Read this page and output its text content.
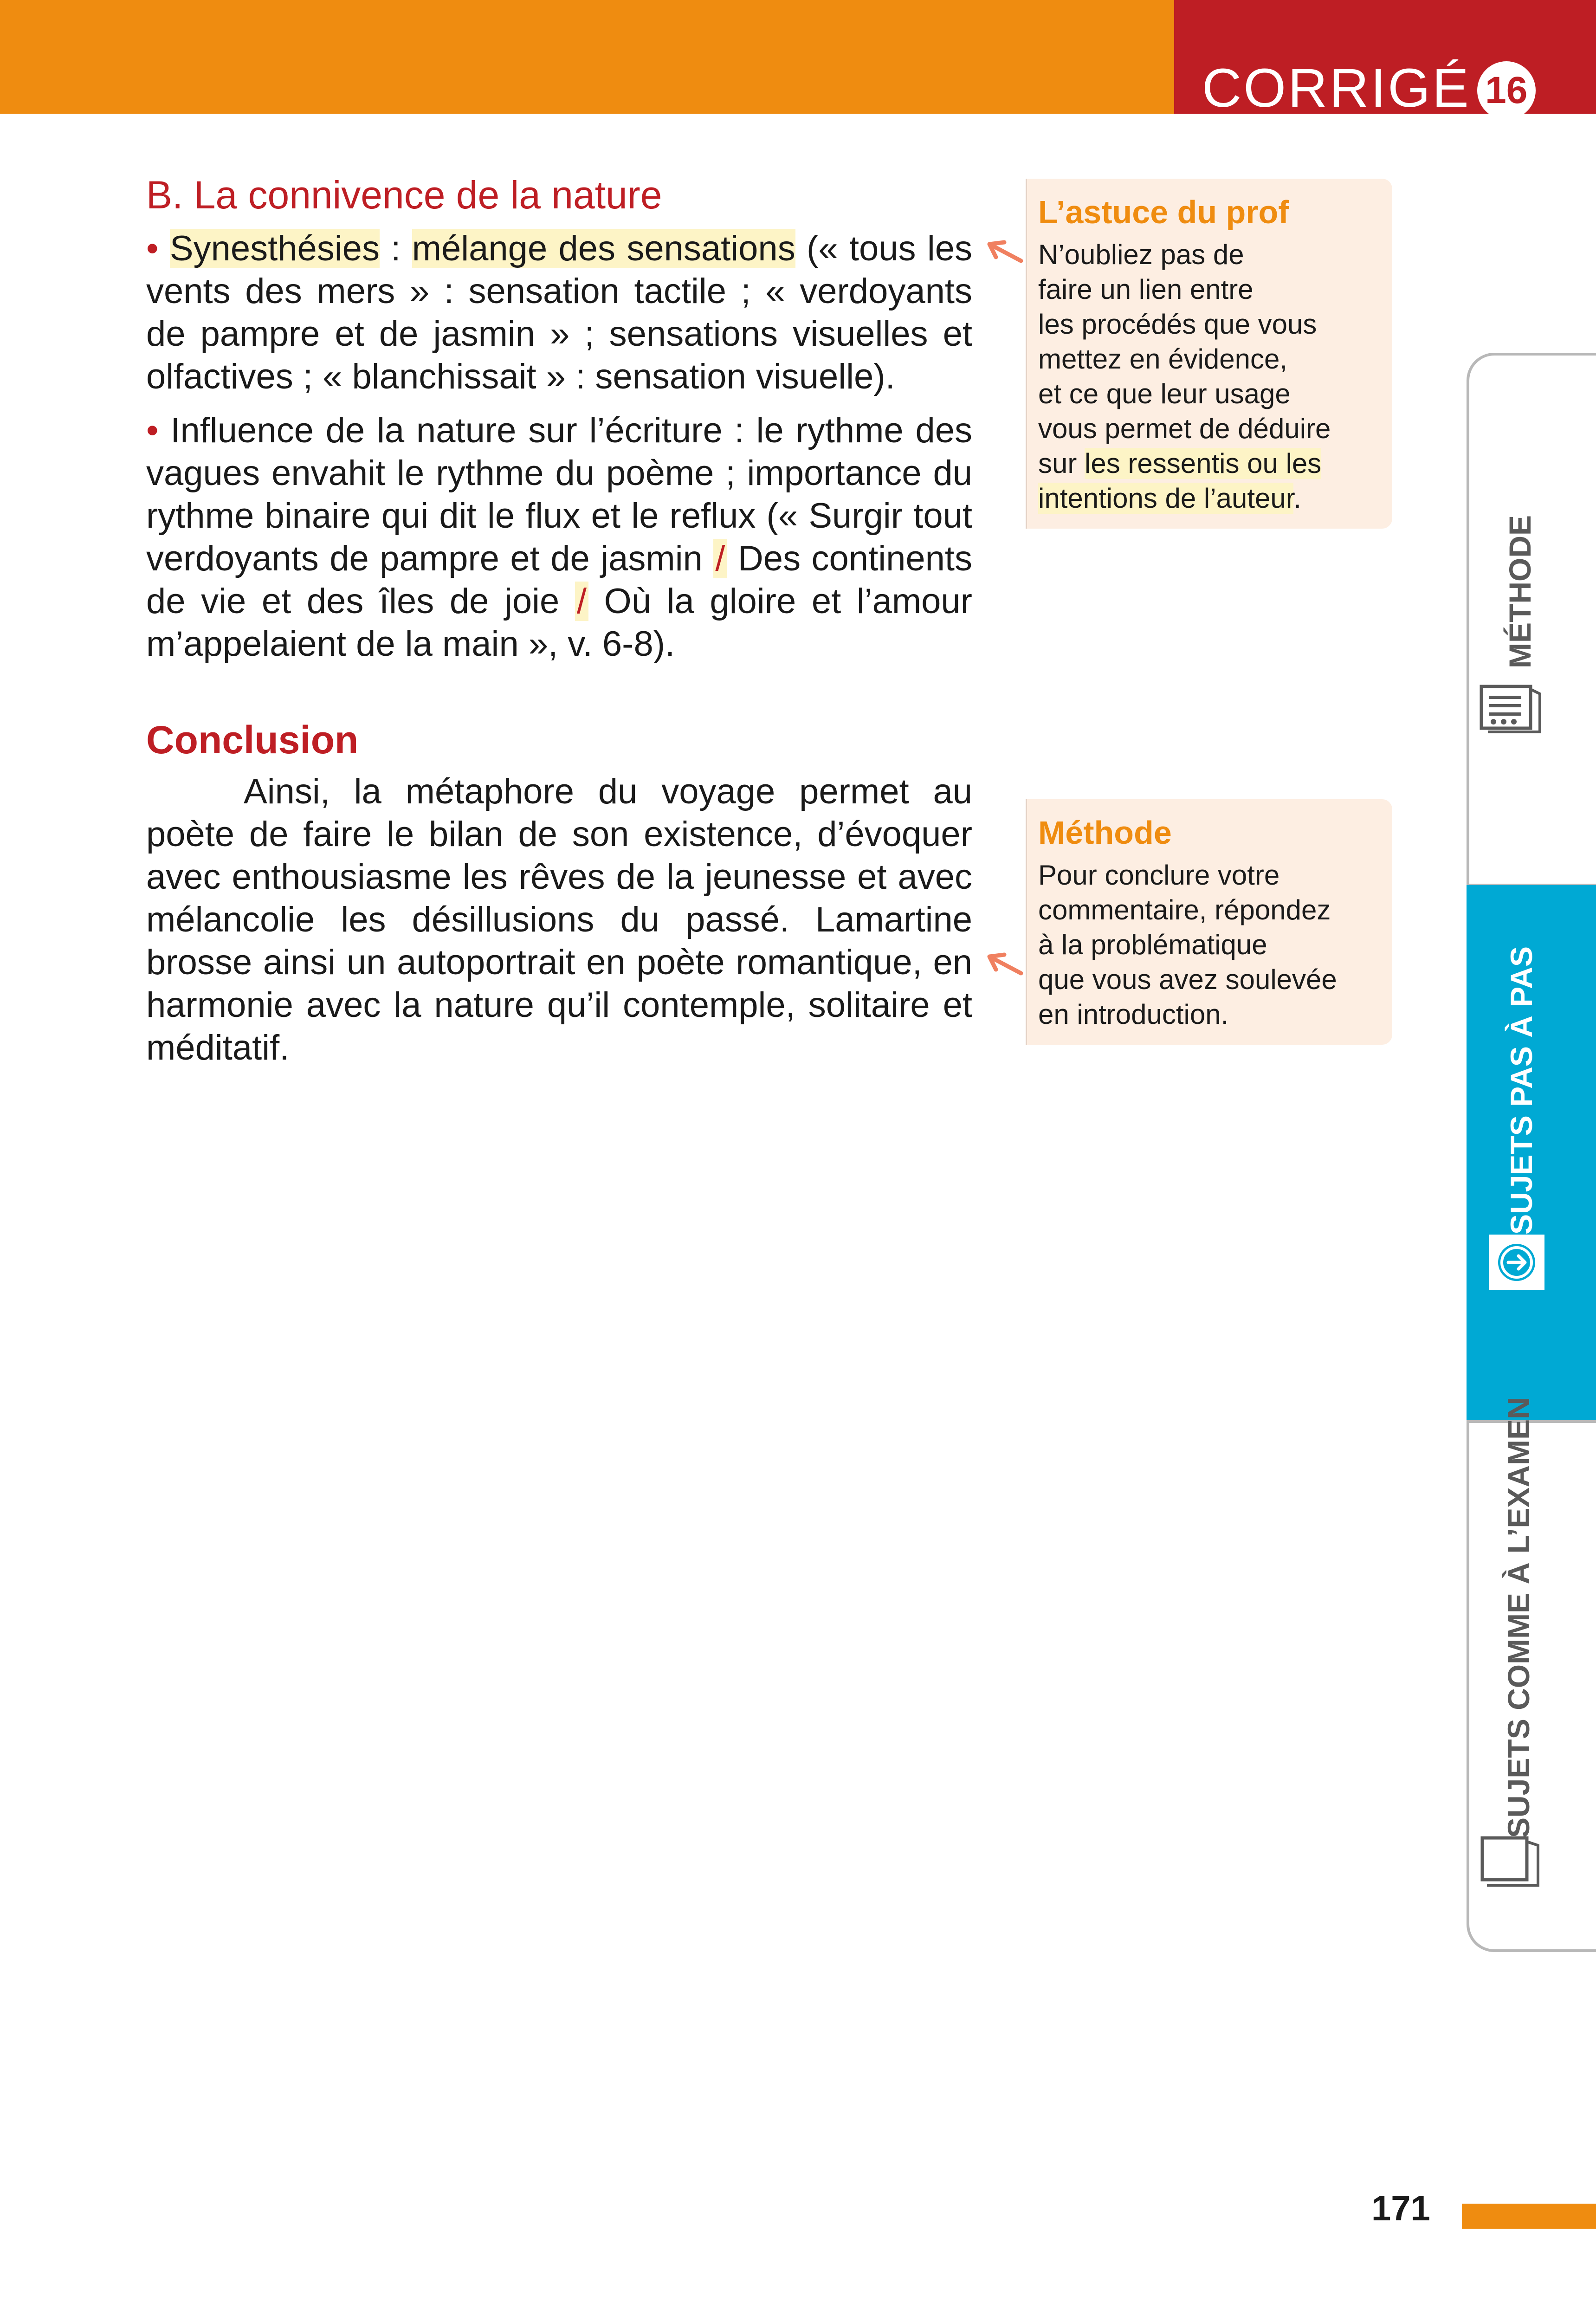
CORRIGÉ 16
B. La connivence de la nature

• Synesthésies : mélange des sensations (« tous les vents des mers » : sensation tactile ; « verdoyants de pampre et de jasmin » ; sensations visuelles et olfactives ; « blanchissait » : sensation visuelle).

• Influence de la nature sur l’écriture : le rythme des vagues envahit le rythme du poème ; importance du rythme binaire qui dit le flux et le reflux (« Surgir tout verdoyants de pampre et de jasmin / Des continents de vie et des îles de joie / Où la gloire et l’amour m’appelaient de la main », v. 6-8).

Conclusion

Ainsi, la métaphore du voyage permet au poète de faire le bilan de son existence, d’évoquer avec enthousiasme les rêves de la jeunesse et avec mélancolie les désillusions du passé. Lamartine brosse ainsi un autoportrait en poète romantique, en harmonie avec la nature qu’il contemple, solitaire et méditatif.

L’astuce du prof
N’oubliez pas de
faire un lien entre
les procédés que vous
mettez en évidence,
et ce que leur usage
vous permet de déduire
sur les ressentis ou les
intentions de l’auteur.
Méthode
Pour conclure votre
commentaire, répondez
à la problématique
que vous avez soulevée
en introduction.
MÉTHODE
SUJETS PAS À PAS
SUJETS COMME À L’EXAMEN
171
